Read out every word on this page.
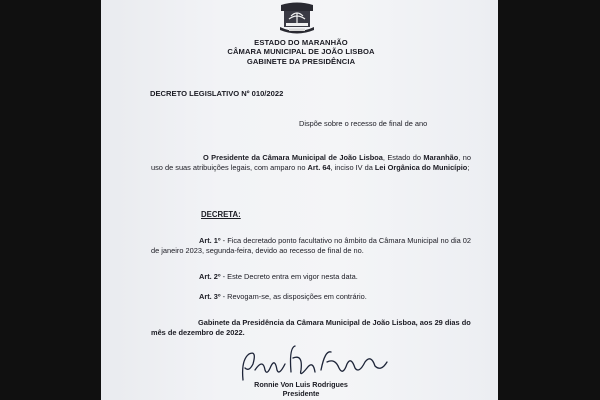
ESTADO DO MARANHÃO
CÂMARA MUNICIPAL DE JOÃO LISBOA
GABINETE DA PRESIDÊNCIA
DECRETO LEGISLATIVO Nº 010/2022
Dispõe sobre o recesso de final de ano
O Presidente da Câmara Municipal de João Lisboa, Estado do Maranhão, no uso de suas atribuições legais, com amparo no Art. 64, inciso IV da Lei Orgânica do Município;
DECRETA:
Art. 1º - Fica decretado ponto facultativo no âmbito da Câmara Municipal no dia 02 de janeiro 2023, segunda-feira, devido ao recesso de final de no.
Art. 2º - Este Decreto entra em vigor nesta data.
Art. 3º - Revogam-se, as disposições em contrário.
Gabinete da Presidência da Câmara Municipal de João Lisboa, aos 29 dias do mês de dezembro de 2022.
Ronnie Von Luis Rodrigues
Presidente
